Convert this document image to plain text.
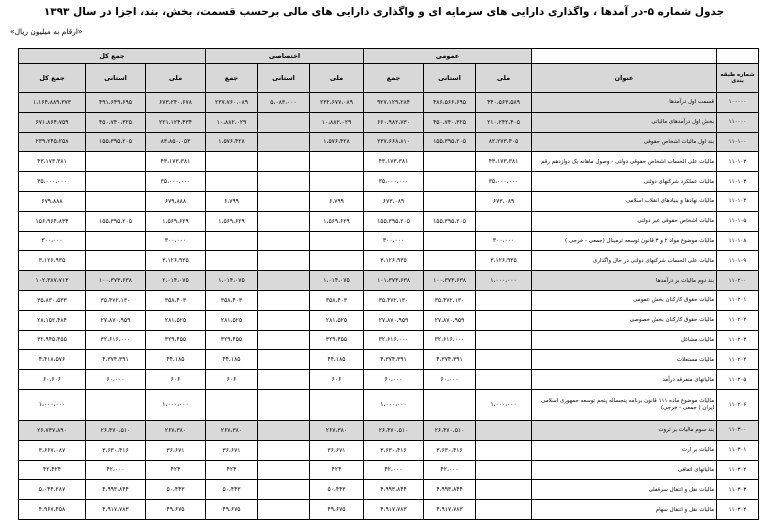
جدول شماره ۵-در آمدها ، واگذاری دارایی های سرمایه ای و واگذاری دارایی های مالی برحسب قسمت، بخش، بند، اجزا در سال ۱۳۹۳
«ارقام به میلیون ریال»
		عمومی			اختصاصی			جمع کل		
شماره طبقه بندی	عنوان	ملی	استانی	جمع	ملی	استانی	جمع	ملی	استانی	جمع کل
۱۰۰۰۰۰	قسمت اول درآمدها	۴۴۰،۵۶۳،۵۸۹	۴۸۶،۵۶۶،۶۹۵	۹۲۷،۱۲۹،۲۸۴	۲۳۲،۶۷۷،۰۸۹	۵،۰۸۳،۰۰۰	۲۳۷،۷۶۰،۰۸۹	۶۷۳،۲۴۰،۶۷۸	۴۹۱،۶۴۹،۶۹۵	۱،۱۶۴،۸۸۹،۳۷۳
۱۱۰۰۰۰	بخش اول درآمدهای مالیاتی	۲۱۰،۲۴۲،۴۰۵	۴۵۰،۷۴۰،۳۲۵	۶۶۰،۹۸۲،۷۳۰	۱۰،۸۸۲،۰۲۹		۱۰،۸۸۲،۰۲۹	۲۲۱،۱۲۴،۴۳۴	۴۵۰،۷۴۰،۳۲۵	۶۷۱،۸۶۴،۷۵۹
۱۱۰۱۰۰	بند اول مالیات اشخاص حقوقی	۸۲،۲۷۳،۴۰۵	۱۵۵،۳۹۵،۲۰۵	۲۳۷،۶۶۸،۸۱۰	۱،۵۷۶،۴۲۸		۱،۵۷۶،۴۲۸	۸۳،۸۵۰،۰۵۳	۱۵۵،۳۹۵،۲۰۵	۲۳۹،۲۴۵،۲۵۸
۱۱۰۱۰۲	مالیات علی الحساب اشخاص حقوقی دولتی - وصول ماهانه یک دوازدهم رقم	۴۳،۱۷۳،۳۸۱		۴۳،۱۷۳،۳۸۱				۴۳،۱۷۳،۳۸۱		۴۳،۱۷۳،۳۸۱
۱۱۰۱۰۳	مالیات عملکرد شرکتهای دولتی	۳۵،۰۰۰،۰۰۰		۳۵،۰۰۰،۰۰۰				۳۵،۰۰۰،۰۰۰		۳۵،۰۰۰،۰۰۰
۱۱۰۱۰۴	مالیات نهادها و بنیادهای انقلاب اسلامی	۶۷۳،۰۸۹		۶۷۳،۰۸۹	۶،۷۹۹		۶،۷۹۹	۶۷۹،۸۸۸		۶۷۹،۸۸۸
۱۱۰۱۰۵	مالیات اشخاص حقوقی غیر دولتی		۱۵۵،۳۹۵،۲۰۵	۱۵۵،۳۹۵،۲۰۵	۱،۵۶۹،۶۲۹		۱،۵۶۹،۶۲۹	۱،۵۶۹،۶۲۹	۱۵۵،۳۹۵،۲۰۵	۱۵۶،۹۶۴،۸۳۴
۱۱۰۱۰۸	مالیات موضوع مواد ۲ و ۳ قانون توسعه ترمینال (جمعی - خرجی )	۳۰۰،۰۰۰		۳۰۰،۰۰۰				۳۰۰،۰۰۰		۳۰۰،۰۰۰
۱۱۰۱۰۹	مالیات علی الحساب شرکتهای دولتی در حال واگذاری	۳،۱۲۶،۹۳۵		۳،۱۲۶،۹۳۵				۳،۱۲۶،۹۳۵		۳،۱۲۶،۹۳۵
۱۱۰۲۰۰	بند دوم مالیات بر درآمدها	۱،۰۰۰،۰۰۰	۱۰۰،۳۷۳،۶۳۸	۱۰۱،۳۷۳،۶۳۸	۱،۰۱۴،۰۷۵		۱،۰۱۴،۰۷۵	۲،۰۱۴،۰۷۵	۱۰۰،۳۷۳،۶۳۸	۱۰۲،۳۸۷،۷۱۳
۱۱۰۲۰۱	مالیات حقوق کارکنان بخش عمومی		۳۵،۴۷۲،۱۳۰	۳۵،۴۷۲،۱۳۰	۳۵۸،۴۰۳		۳۵۸،۴۰۳	۳۵۸،۴۰۳	۳۵،۴۷۲،۱۳۰	۳۵،۸۳۰،۵۳۳
۱۱۰۲۰۲	مالیات حقوق کارکنان بخش خصوصی		۲۷،۸۷۰،۹۵۹	۲۷،۸۷۰،۹۵۹	۲۸۱،۵۲۵		۲۸۱،۵۲۵	۲۸۱،۵۲۵	۲۷،۸۷۰،۹۵۹	۲۸،۱۵۲،۴۸۴
۱۱۰۲۰۳	مالیات مشاغل		۳۲،۶۱۶،۰۰۰	۳۲،۶۱۶،۰۰۰	۳۲۹،۴۵۵		۳۲۹،۴۵۵	۳۲۹،۴۵۵	۳۲،۶۱۶،۰۰۰	۳۲،۹۴۵،۴۵۵
۱۱۰۲۰۴	مالیات مستغلات		۴،۳۷۴،۳۹۱	۴،۳۷۴،۳۹۱	۴۴،۱۸۵		۴۴،۱۸۵	۴۴،۱۸۵	۴،۳۷۴،۳۹۱	۴،۴۱۸،۵۷۶
۱۱۰۲۰۵	مالیاتهای متفرقه درآمد		۶۰،۰۰۰	۶۰،۰۰۰	۶۰۶		۶۰۶	۶۰۶	۶۰،۰۰۰	۶۰،۶۰۶
۱۱۰۲۰۶	مالیات موضوع ماده ۱۱۱ قانون برنامه پنجساله پنجم توسعه جمهوری اسلامی ایران ( جمعی - خرجی)	۱،۰۰۰،۰۰۰		۱،۰۰۰،۰۰۰				۱،۰۰۰،۰۰۰		۱،۰۰۰،۰۰۰
۱۱۰۳۰۰	بند سوم مالیات بر ثروت		۲۶،۴۷۰،۵۱۰	۲۶،۴۷۰،۵۱۰	۲۶۷،۳۸۰		۲۶۷،۳۸۰	۲۶۷،۳۸۰	۲۶،۴۷۰،۵۱۰	۲۶،۷۳۷،۸۹۰
۱۱۰۳۰۱	مالیات بر ارث		۳،۶۳۰،۴۱۶	۳،۶۳۰،۴۱۶	۳۶،۶۷۱		۳۶،۶۷۱	۳۶،۶۷۱	۳،۶۳۰،۴۱۶	۳،۶۶۷،۰۸۷
۱۱۰۳۰۲	مالیاتهای اتفاقی		۴۲،۰۰۰	۴۲،۰۰۰	۴۲۴		۴۲۴	۴۲۴	۴۲،۰۰۰	۴۲،۴۲۴
۱۱۰۳۰۳	مالیات نقل و انتقال سرقفلی		۴،۹۹۳،۸۴۴	۴،۹۹۳،۸۴۴	۵۰،۴۴۳		۵۰،۴۴۳	۵۰،۴۴۳	۴،۹۹۳،۸۴۴	۵،۰۴۴،۲۸۷
۱۱۰۳۰۴	مالیات نقل و انتقال سهام		۴،۹۱۷،۷۸۳	۴،۹۱۷،۷۸۳	۴۹،۶۷۵		۴۹،۶۷۵	۴۹،۶۷۵	۴،۹۱۷،۷۸۳	۴،۹۶۷،۴۵۸
